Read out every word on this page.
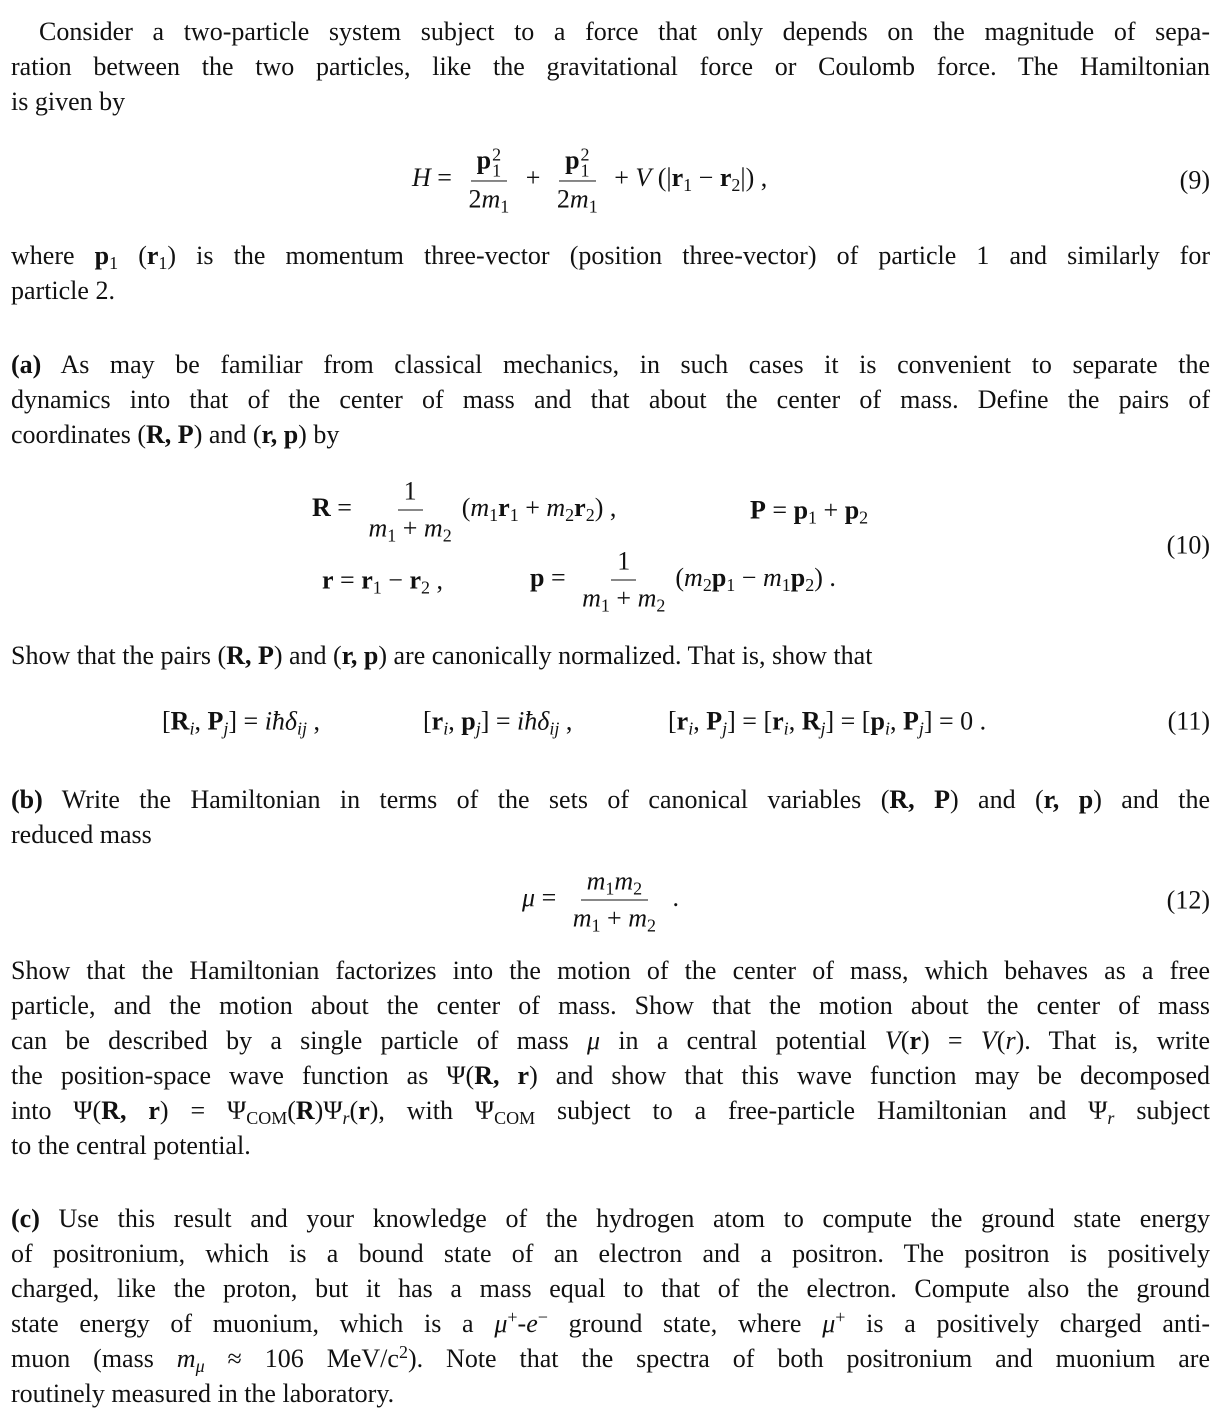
Consider a two-particle system subject to a force that only depends on the magnitude of sepa-
ration between the two particles, like the gravitational force or Coulomb force. The Hamiltonian
is given by
H = p 2
1
$2m_1 + p$ 2
1
$2m_1 + V$ $(|r_1 - r_2|)$ ,	(9)
where $p_1$ $(r_1)$ is the momentum three-vector (position three-vector) of particle 1 and similarly for
particle 2.
(a) As may be familiar from classical mechanics, in such cases it is convenient to separate the
dynamics into that of the center of mass and that about the center of mass. Define the pairs of
coordinates (R, P) and (r, p) by
$R = \frac{1}{m_1 + m_2} (m_1r_1 + m_2r_2)$ ,	$P = p_1 + p_2$
$r = r_1 - r_2$ ,	$p = \frac{1}{m_1 + m_2} (m_2p_1 - m_1p_2)$ .
(10)
Show that the pairs (R, P) and (r, p) are canonically normalized. That is, show that
[Ri, Pj] = iħδij ,	[ri, pj] = iħδij ,	[ri, Pj] = [ri, Rj] = [pi, Pj] = 0 .	(11)
(b) Write the Hamiltonian in terms of the sets of canonical variables (R, P) and (r, p) and the
reduced mass
$\mu = \frac{m_1m_2}{m_1 + m_2}$ .	(12)
Show that the Hamiltonian factorizes into the motion of the center of mass, which behaves as a free
particle, and the motion about the center of mass. Show that the motion about the center of mass
can be described by a single particle of mass μ in a central potential V(r) = V(r). That is, write
the position-space wave function as Ψ(R, r) and show that this wave function may be decomposed
into Ψ(R, $r) = \Psi_{COM}(R)\Psi r(r)$, with $\Psi_{COM}$ subject to a free-particle Hamiltonian and Ψr subject
to the central potential.
(c) Use this result and your knowledge of the hydrogen atom to compute the ground state energy
of positronium, which is a bound state of an electron and a positron. The positron is positively
charged, like the proton, but it has a mass equal to that of the electron. Compute also the ground
state energy of muonium, which is a μ+-e− ground state, where μ+ is a positively charged anti-
muon (mass mμ ≈ 106 MeV/$c^2$). Note that the spectra of both positronium and muonium are
routinely measured in the laboratory.
